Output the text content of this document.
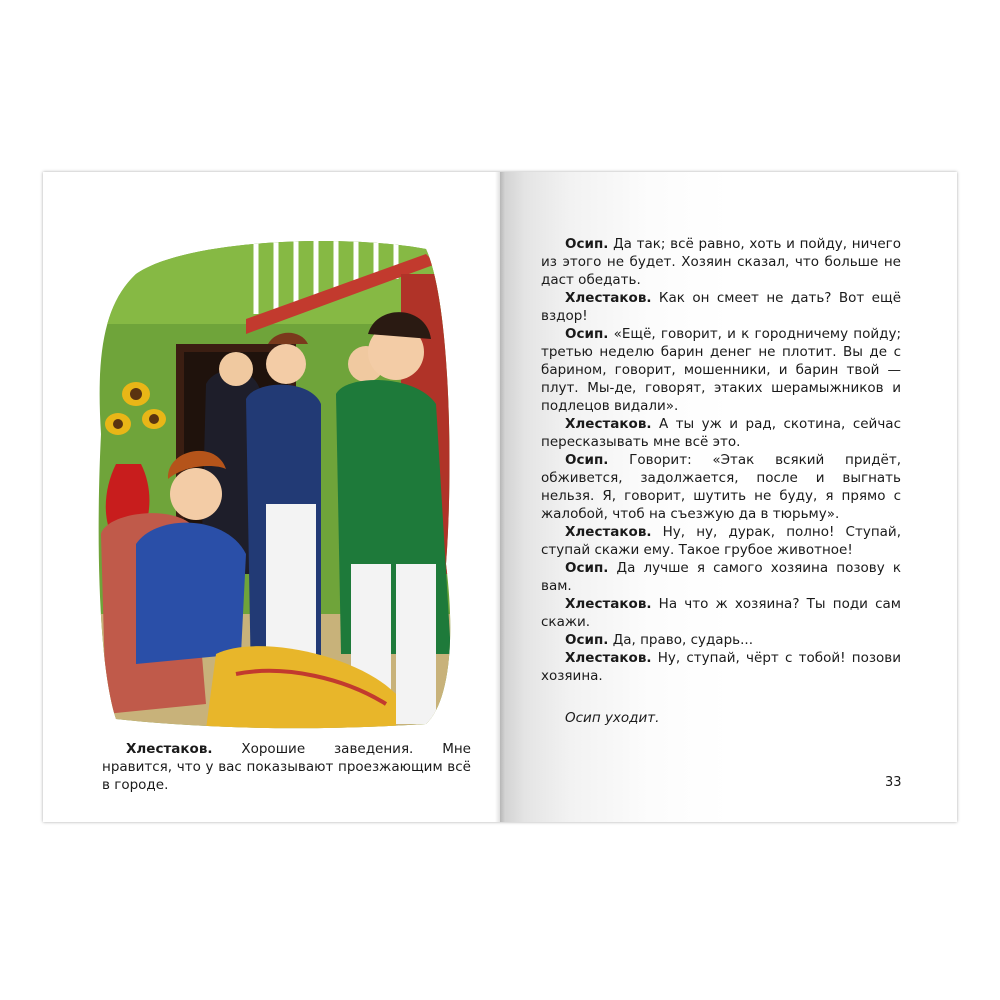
Хлестаков. Хорошие заведения. Мне нравится, что у вас показывают проезжающим всё в городе.

Осип. Да так; всё равно, хоть и пойду, ничего из этого не будет. Хозяин сказал, что больше не даст обедать.

Хлестаков. Как он смеет не дать? Вот ещё вздор!

Осип. «Ещё, говорит, и к городничему пойду; третью неделю барин денег не плотит. Вы де с барином, говорит, мошенники, и барин твой — плут. Мы-де, говорят, этаких шерамыжников и подлецов видали».

Хлестаков. А ты уж и рад, скотина, сейчас пересказывать мне всё это.

Осип. Говорит: «Этак всякий придёт, обживется, задолжается, после и выгнать нельзя. Я, говорит, шутить не буду, я прямо с жалобой, чтоб на съезжую да в тюрьму».

Хлестаков. Ну, ну, дурак, полно! Ступай, ступай скажи ему. Такое грубое животное!

Осип. Да лучше я самого хозяина позову к вам.

Хлестаков. На что ж хозяина? Ты поди сам скажи.

Осип. Да, право, сударь...

Хлестаков. Ну, ступай, чёрт с тобой! позови хозяина.

Осип уходит.

33
